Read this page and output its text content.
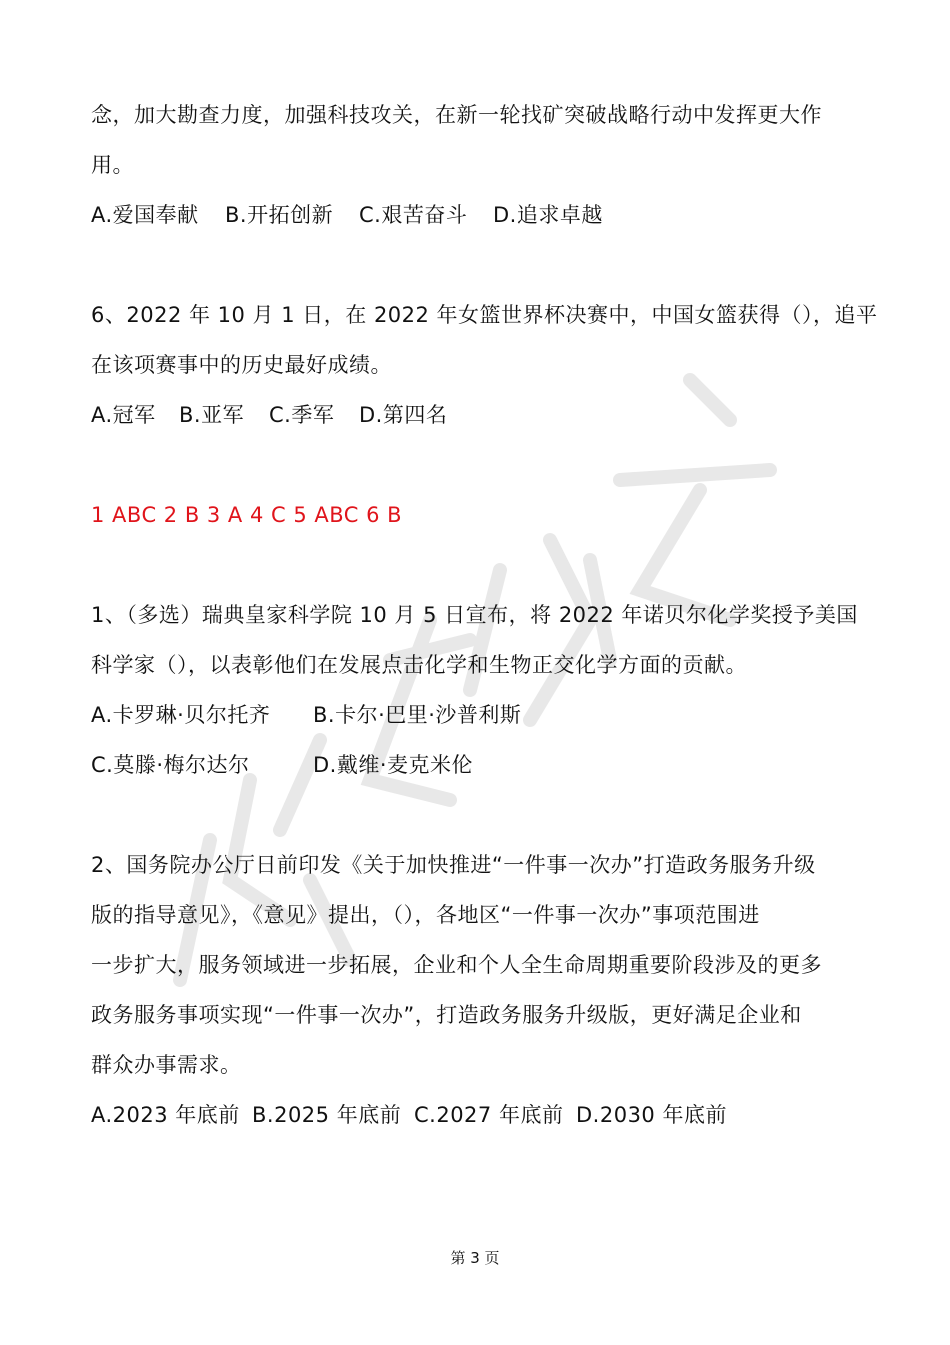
念，加大勘查力度，加强科技攻关，在新一轮找矿突破战略行动中发挥更大作
用。
A.爱国奉献 B.开拓创新 C.艰苦奋斗 D.追求卓越
6、2022 年 10 月 1 日，在 2022 年女篮世界杯决赛中，中国女篮获得（），追平
在该项赛事中的历史最好成绩。
A.冠军 B.亚军 C.季军 D.第四名
1 ABC 2 B 3 A 4 C 5 ABC 6 B
1、（多选）瑞典皇家科学院 10 月 5 日宣布，将 2022 年诺贝尔化学奖授予美国
科学家（），以表彰他们在发展点击化学和生物正交化学方面的贡献。
A.卡罗琳·贝尔托齐 B.卡尔·巴里·沙普利斯
C.莫滕·梅尔达尔	D.戴维·麦克米伦
2、国务院办公厅日前印发《关于加快推进“一件事一次办”打造政务服务升级
版的指导意见》，《意见》提出，（），各地区“一件事一次办”事项范围进
一步扩大，服务领域进一步拓展，企业和个人全生命周期重要阶段涉及的更多
政务服务事项实现“一件事一次办”，打造政务服务升级版，更好满足企业和
群众办事需求。
A.2023 年底前 B.2025 年底前 C.2027 年底前 D.2030 年底前
第 3 页
